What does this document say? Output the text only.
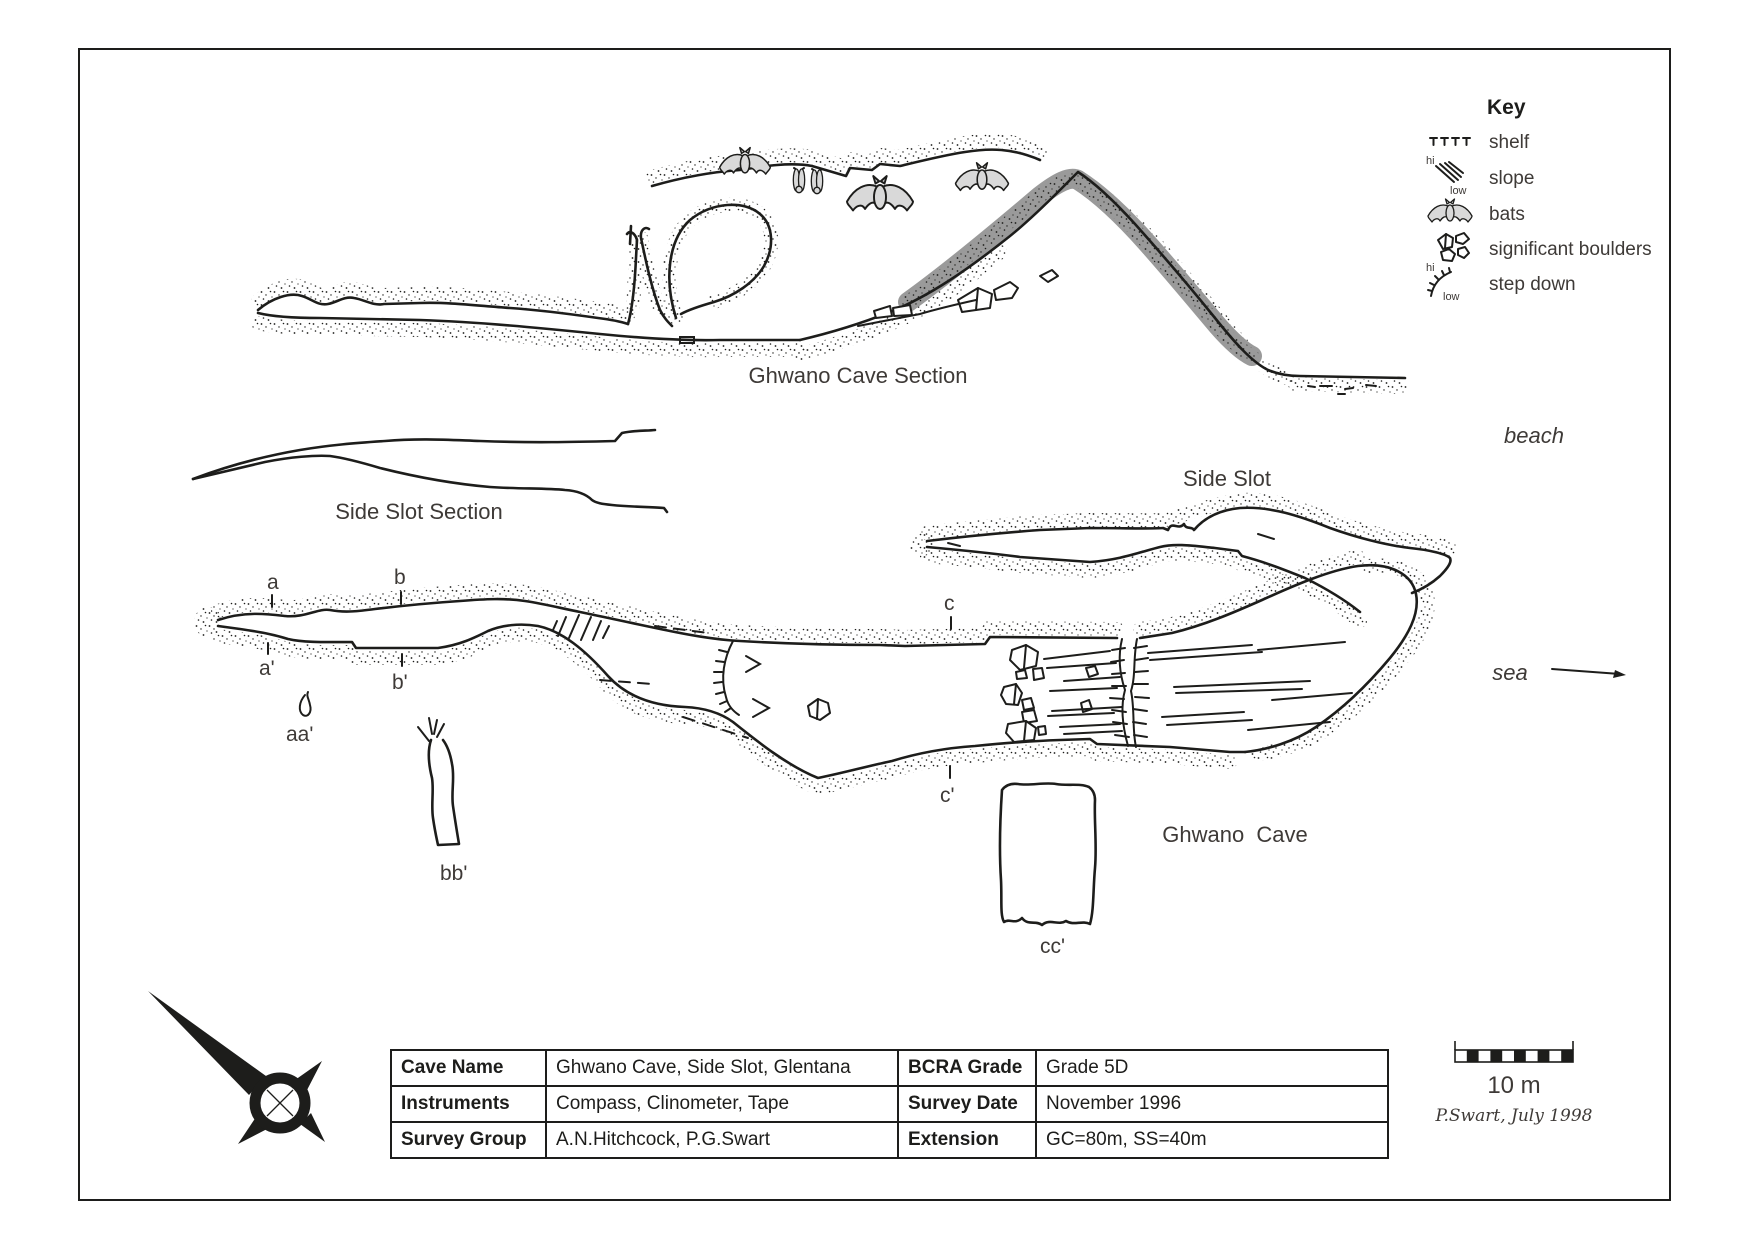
Ghwano Cave Section
beach
Side Slot Section
Side Slot
a
a'
b
b'
c
c'
Ghwano  Cave
sea
aa'
bb'
cc'
10 m
P.Swart, July 1998
Key
shelf
hi
low
slope
bats
significant boulders
hi
low
step down
Cave Name	Ghwano Cave, Side Slot, Glentana	BCRA Grade	Grade 5D
Instruments	Compass, Clinometer, Tape	Survey Date	November 1996
Survey Group	A.N.Hitchcock, P.G.Swart	Extension	GC=80m, SS=40m
